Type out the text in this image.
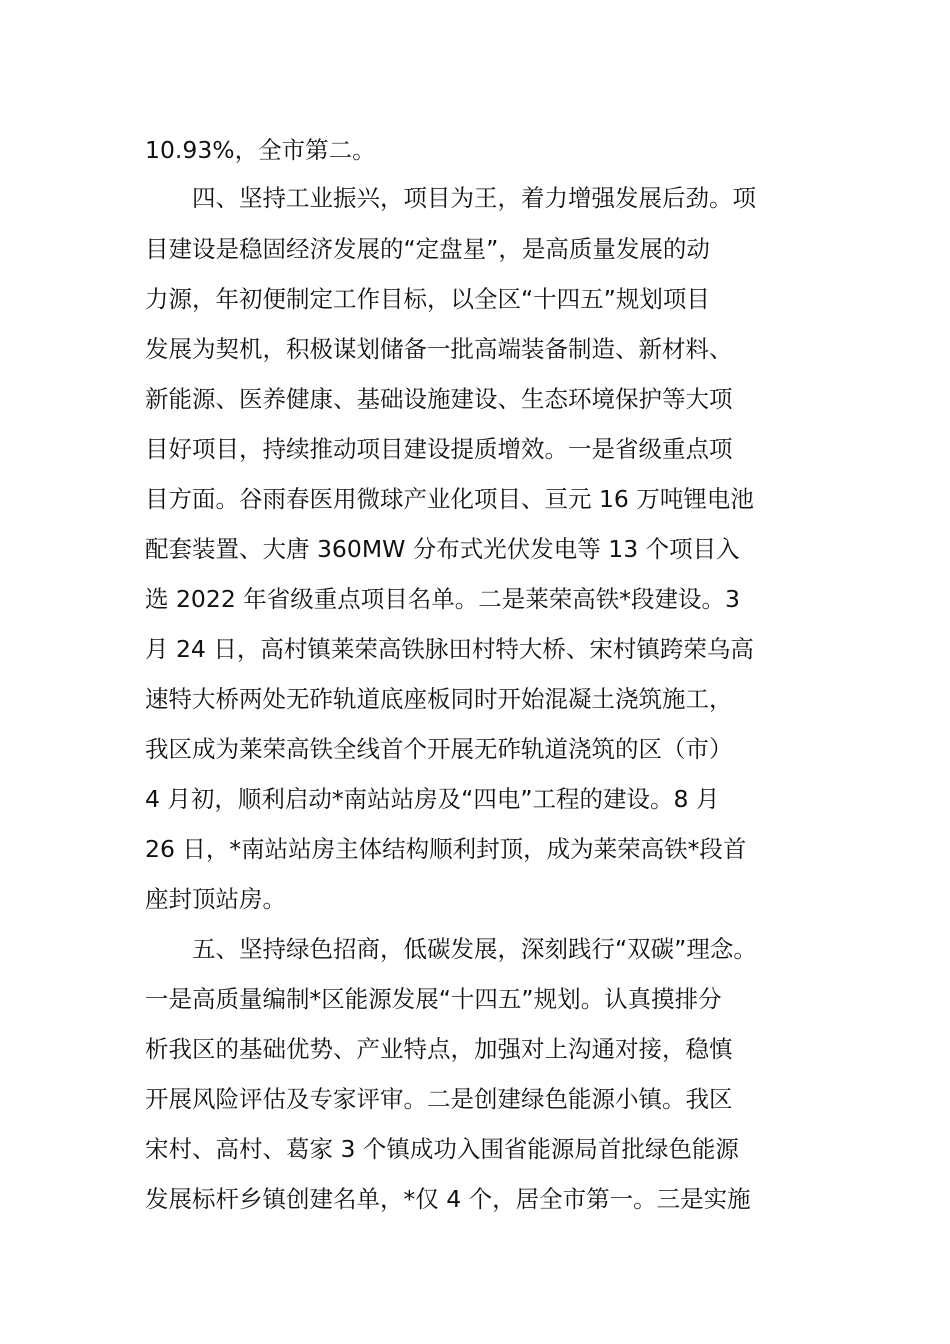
10.93%，全市第二。
四、坚持工业振兴，项目为王，着力增强发展后劲。项
目建设是稳固经济发展的“定盘星”，是高质量发展的动
力源，年初便制定工作目标，以全区“十四五”规划项目
发展为契机，积极谋划储备一批高端装备制造、新材料、
新能源、医养健康、基础设施建设、生态环境保护等大项
目好项目，持续推动项目建设提质增效。一是省级重点项
目方面。谷雨春医用微球产业化项目、亘元 16 万吨锂电池
配套装置、大唐 360MW 分布式光伏发电等 13 个项目入
选 2022 年省级重点项目名单。二是莱荣高铁*段建设。3
月 24 日，高村镇莱荣高铁脉田村特大桥、宋村镇跨荣乌高
速特大桥两处无砟轨道底座板同时开始混凝土浇筑施工，
我区成为莱荣高铁全线首个开展无砟轨道浇筑的区（市）
4 月初，顺利启动*南站站房及“四电”工程的建设。8 月
26 日，*南站站房主体结构顺利封顶，成为莱荣高铁*段首
座封顶站房。
五、坚持绿色招商，低碳发展，深刻践行“双碳”理念。
一是高质量编制*区能源发展“十四五”规划。认真摸排分
析我区的基础优势、产业特点，加强对上沟通对接，稳慎
开展风险评估及专家评审。二是创建绿色能源小镇。我区
宋村、高村、葛家 3 个镇成功入围省能源局首批绿色能源
发展标杆乡镇创建名单，*仅 4 个，居全市第一。三是实施
